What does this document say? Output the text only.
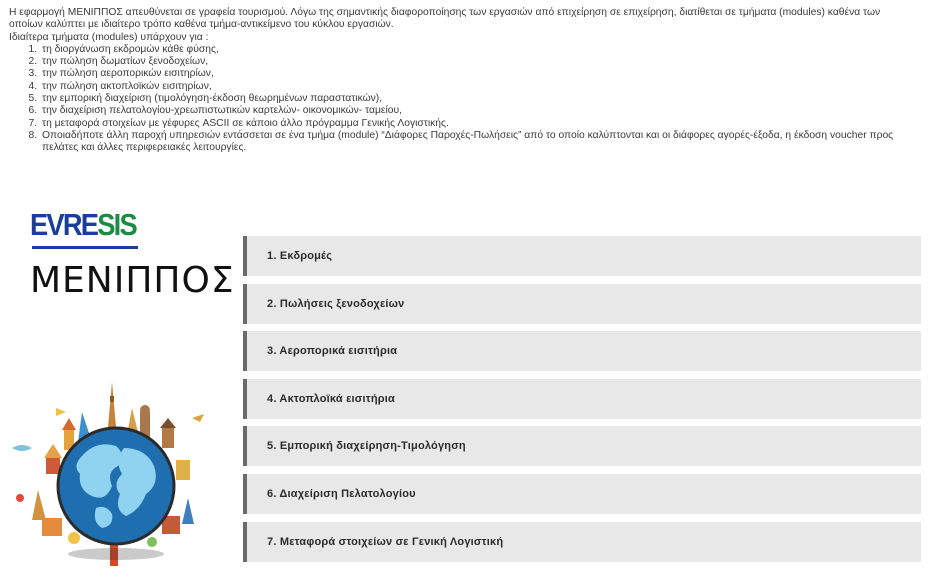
Η εφαρμογή ΜΕΝΙΠΠΟΣ απευθύνεται σε γραφεία τουρισμού. Λόγω της σημαντικής διαφοροποίησης των εργασιών από επιχείρηση σε επιχείρηση, διατίθεται σε τμήματα (modules) καθένα των οποίων καλύπτει με ιδιαίτερο τρόπο καθένα τμήμα-αντικείμενο του κύκλου εργασιών.

Ιδιαίτερα τμήματα (modules) υπάρχουν για :

1. τη διοργάνωση εκδρομών κάθε φύσης,
2. την πώληση δωματίων ξενοδοχείων,
3. την πώληση αεροπορικών εισιτηρίων,
4. την πώληση ακτοπλοϊκών εισιτηρίων,
5. την εμπορική διαχείριση (τιμολόγηση-έκδοση θεωρημένων παραστατικών),
6. την διαχείριση πελατολογίου-χρεωπιστωτικών καρτελών- οικονομικών- ταμείου,
7. τη μεταφορά στοιχείων με γέφυρες ASCII σε κάποιο άλλο πρόγραμμα Γενικής Λογιστικής.
8. Οποιαδήποτε άλλη παροχή υπηρεσιών εντάσσεται σε ένα τμήμα (module) “Διάφορες Παροχές-Πωλήσεις” από το οποίο καλύπτονται και οι διάφορες αγορές-έξοδα, η έκδοση voucher προς πελάτες και άλλες περιφερειακές λειτουργίες.
EVRESIS
ΜΕΝΙΠΠΟΣ
1. Εκδρομές
2. Πωλήσεις ξενοδοχείων
3. Αεροπορικά εισιτήρια
4. Ακτοπλοϊκά εισιτήρια
5. Εμπορική διαχείρηση-Τιμολόγηση
6. Διαχείριση Πελατολογίου
7. Μεταφορά στοιχείων σε Γενική Λογιστική
